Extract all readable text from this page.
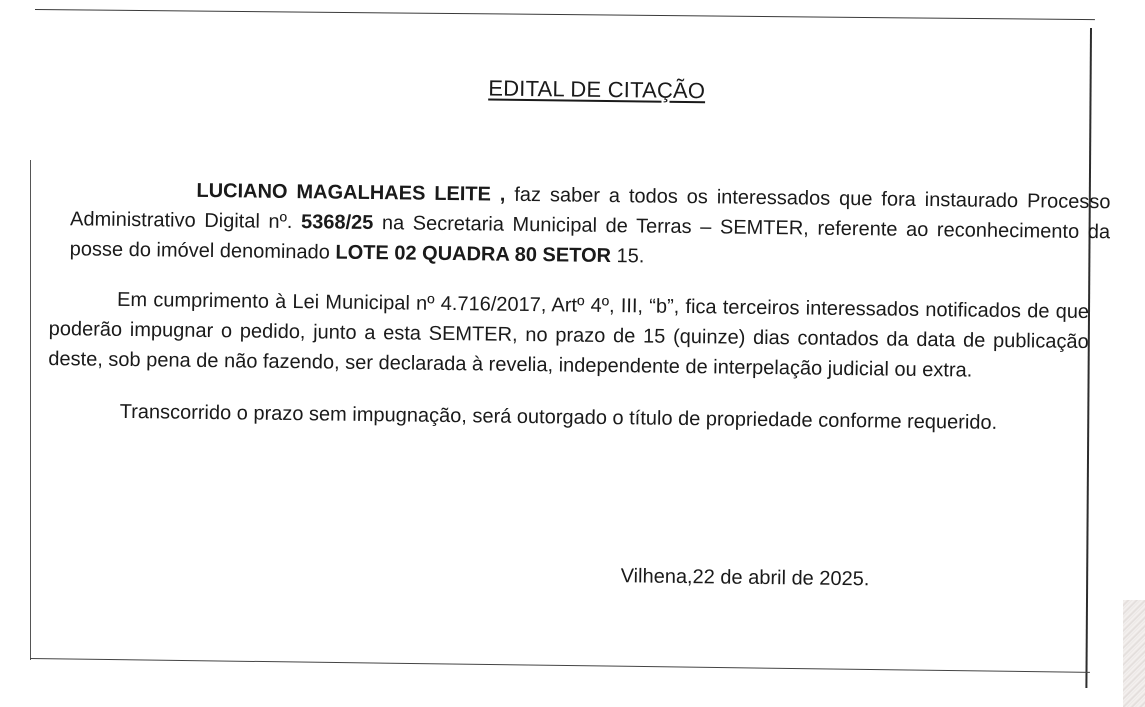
EDITAL DE CITAÇÃO

LUCIANO MAGALHAES LEITE , faz saber a todos os interessados que fora instaurado Processo Administrativo Digital nº. 5368/25 na Secretaria Municipal de Terras – SEMTER, referente ao reconhecimento da posse do imóvel denominado LOTE 02 QUADRA 80 SETOR 15.

Em cumprimento à Lei Municipal nº 4.716/2017, Artº 4º, III, “b”, fica terceiros interessados notificados de que poderão impugnar o pedido, junto a esta SEMTER, no prazo de 15 (quinze) dias contados da data de publicação deste, sob pena de não fazendo, ser declarada à revelia, independente de interpelação judicial ou extra.

Transcorrido o prazo sem impugnação, será outorgado o título de propriedade conforme requerido.

Vilhena,22 de abril de 2025.
